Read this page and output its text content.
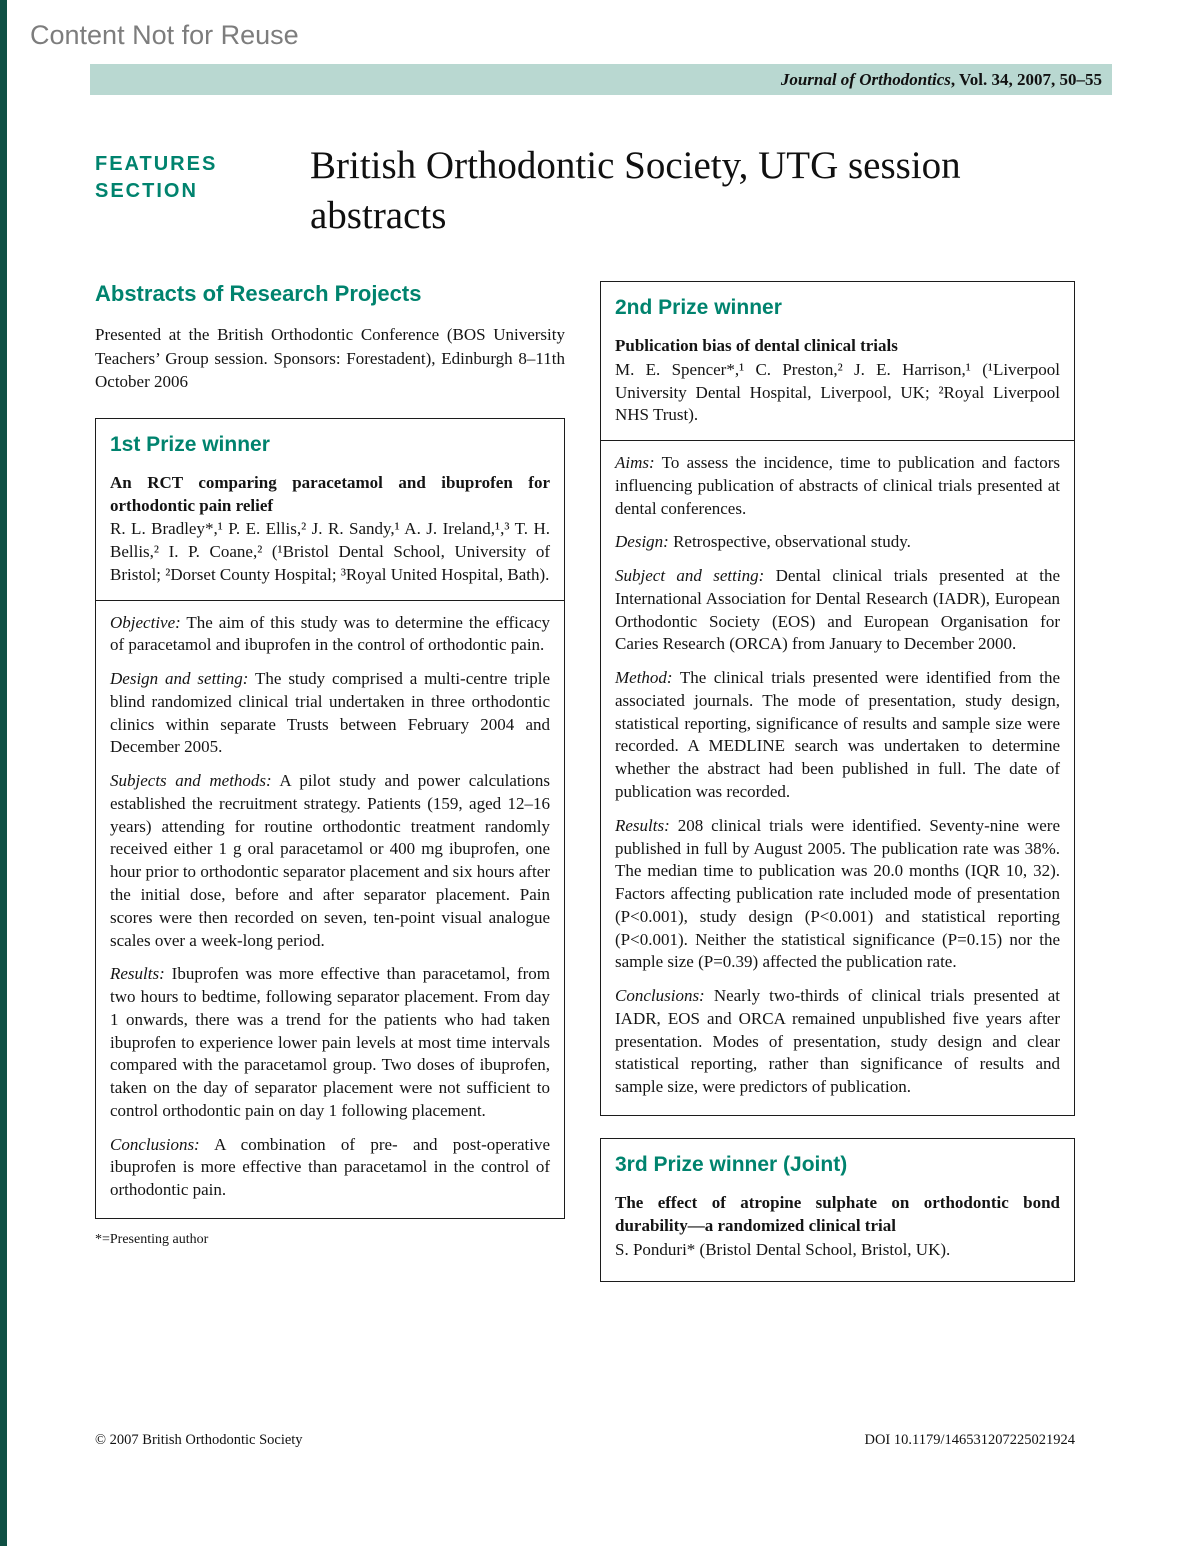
Content Not for Reuse
Journal of Orthodontics , Vol. 34, 2007, 50–55
FEATURES SECTION
British Orthodontic Society, UTG session abstracts
Abstracts of Research Projects

Presented at the British Orthodontic Conference (BOS University Teachers’ Group session. Sponsors: Forestadent), Edinburgh 8–11th October 2006

1st Prize winner

An RCT comparing paracetamol and ibuprofen for orthodontic pain relief

R. L. Bradley*,¹ P. E. Ellis,² J. R. Sandy,¹ A. J. Ireland,¹,³ T. H. Bellis,² I. P. Coane,² (¹Bristol Dental School, University of Bristol; ²Dorset County Hospital; ³Royal United Hospital, Bath).

Objective: The aim of this study was to determine the efficacy of paracetamol and ibuprofen in the control of orthodontic pain.

Design and setting: The study comprised a multi-centre triple blind randomized clinical trial undertaken in three orthodontic clinics within separate Trusts between February 2004 and December 2005.

Subjects and methods: A pilot study and power calculations established the recruitment strategy. Patients (159, aged 12–16 years) attending for routine orthodontic treatment randomly received either 1 g oral paracetamol or 400 mg ibuprofen, one hour prior to orthodontic separator placement and six hours after the initial dose, before and after separator placement. Pain scores were then recorded on seven, ten-point visual analogue scales over a week-long period.

Results: Ibuprofen was more effective than paracetamol, from two hours to bedtime, following separator placement. From day 1 onwards, there was a trend for the patients who had taken ibuprofen to experience lower pain levels at most time intervals compared with the paracetamol group. Two doses of ibuprofen, taken on the day of separator placement were not sufficient to control orthodontic pain on day 1 following placement.

Conclusions: A combination of pre- and post-operative ibuprofen is more effective than paracetamol in the control of orthodontic pain.

*=Presenting author

2nd Prize winner

Publication bias of dental clinical trials

M. E. Spencer*,¹ C. Preston,² J. E. Harrison,¹ (¹Liverpool University Dental Hospital, Liverpool, UK; ²Royal Liverpool NHS Trust).

Aims: To assess the incidence, time to publication and factors influencing publication of abstracts of clinical trials presented at dental conferences.

Design: Retrospective, observational study.

Subject and setting: Dental clinical trials presented at the International Association for Dental Research (IADR), European Orthodontic Society (EOS) and European Organisation for Caries Research (ORCA) from January to December 2000.

Method: The clinical trials presented were identified from the associated journals. The mode of presentation, study design, statistical reporting, significance of results and sample size were recorded. A MEDLINE search was undertaken to determine whether the abstract had been published in full. The date of publication was recorded.

Results: 208 clinical trials were identified. Seventy-nine were published in full by August 2005. The publication rate was 38%. The median time to publication was 20.0 months (IQR 10, 32). Factors affecting publication rate included mode of presentation (P<0.001), study design (P<0.001) and statistical reporting (P<0.001). Neither the statistical significance (P=0.15) nor the sample size (P=0.39) affected the publication rate.

Conclusions: Nearly two-thirds of clinical trials presented at IADR, EOS and ORCA remained unpublished five years after presentation. Modes of presentation, study design and clear statistical reporting, rather than significance of results and sample size, were predictors of publication.

3rd Prize winner (Joint)

The effect of atropine sulphate on orthodontic bond durability—a randomized clinical trial

S. Ponduri* (Bristol Dental School, Bristol, UK).

© 2007 British Orthodontic Society	DOI 10.1179/146531207225021924
